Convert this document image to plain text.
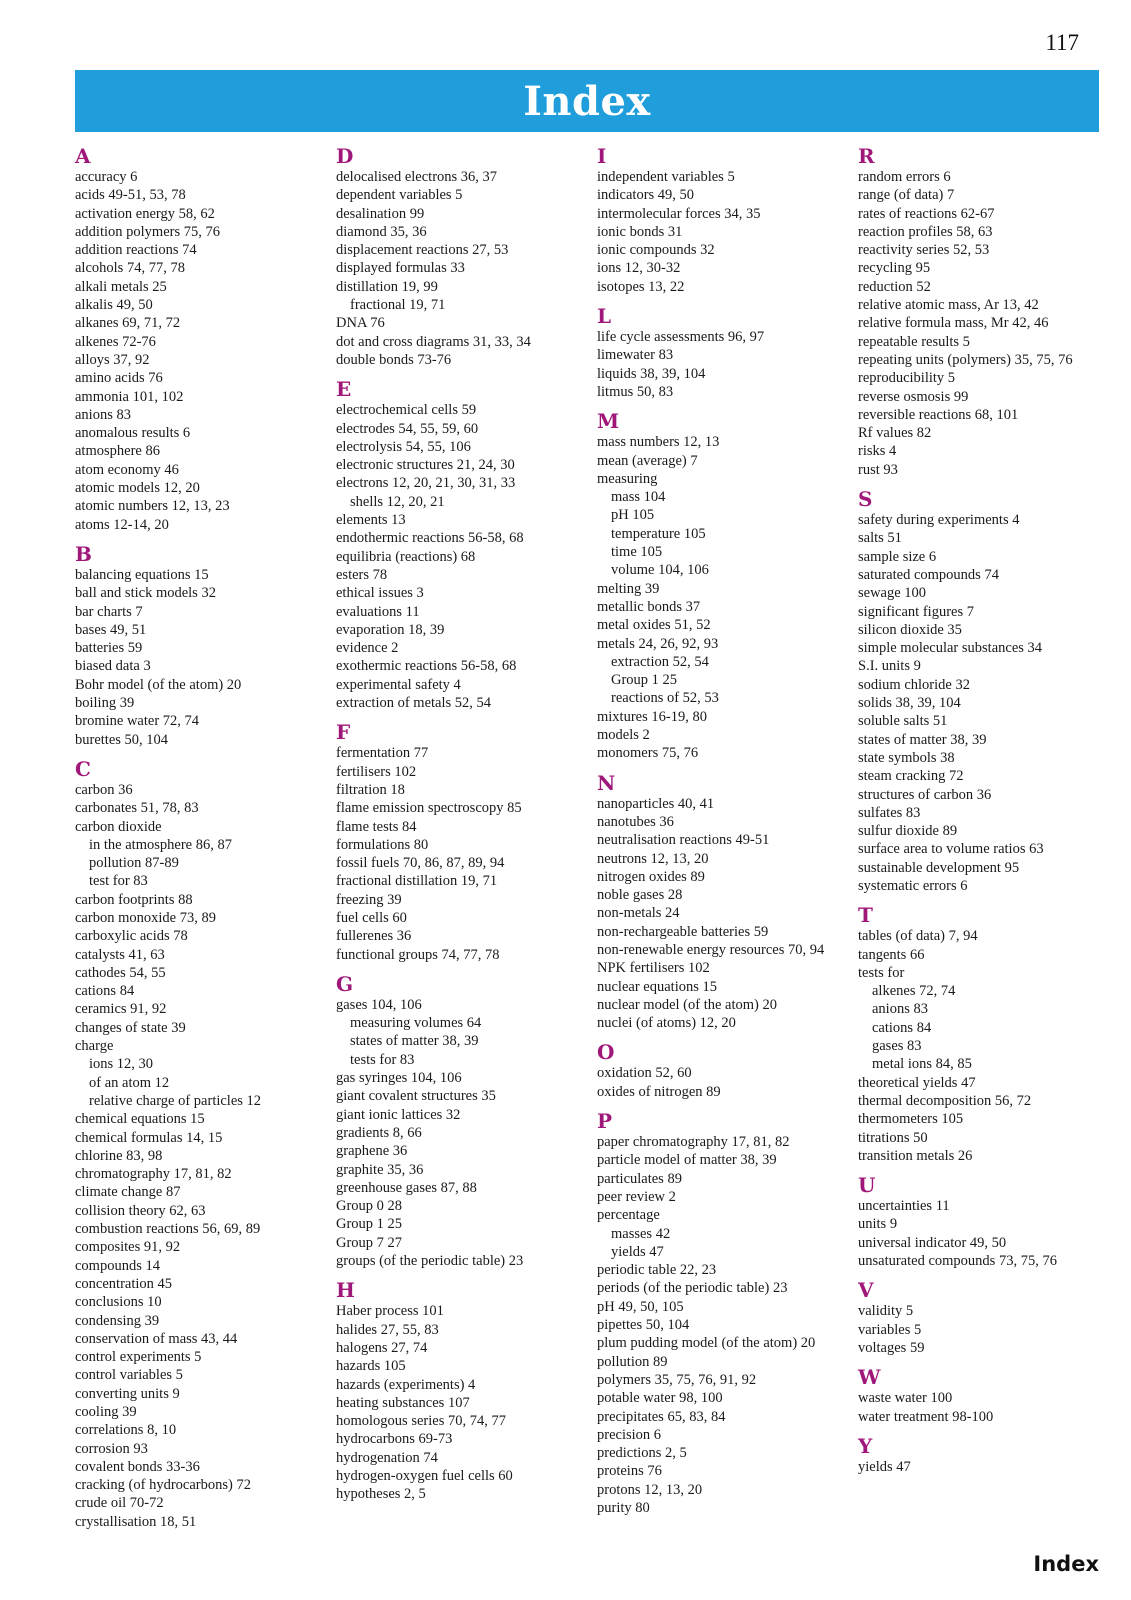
117
Index
A
accuracy 6
acids 49-51, 53, 78
activation energy 58, 62
addition polymers 75, 76
addition reactions 74
alcohols 74, 77, 78
alkali metals 25
alkalis 49, 50
alkanes 69, 71, 72
alkenes 72-76
alloys 37, 92
amino acids 76
ammonia 101, 102
anions 83
anomalous results 6
atmosphere 86
atom economy 46
atomic models 12, 20
atomic numbers 12, 13, 23
atoms 12-14, 20
B
balancing equations 15
ball and stick models 32
bar charts 7
bases 49, 51
batteries 59
biased data 3
Bohr model (of the atom) 20
boiling 39
bromine water 72, 74
burettes 50, 104
C
carbon 36
carbonates 51, 78, 83
carbon dioxide
in the atmosphere 86, 87
pollution 87-89
test for 83
carbon footprints 88
carbon monoxide 73, 89
carboxylic acids 78
catalysts 41, 63
cathodes 54, 55
cations 84
ceramics 91, 92
changes of state 39
charge
ions 12, 30
of an atom 12
relative charge of particles 12
chemical equations 15
chemical formulas 14, 15
chlorine 83, 98
chromatography 17, 81, 82
climate change 87
collision theory 62, 63
combustion reactions 56, 69, 89
composites 91, 92
compounds 14
concentration 45
conclusions 10
condensing 39
conservation of mass 43, 44
control experiments 5
control variables 5
converting units 9
cooling 39
correlations 8, 10
corrosion 93
covalent bonds 33-36
cracking (of hydrocarbons) 72
crude oil 70-72
crystallisation 18, 51
D
delocalised electrons 36, 37
dependent variables 5
desalination 99
diamond 35, 36
displacement reactions 27, 53
displayed formulas 33
distillation 19, 99
fractional 19, 71
DNA 76
dot and cross diagrams 31, 33, 34
double bonds 73-76
E
electrochemical cells 59
electrodes 54, 55, 59, 60
electrolysis 54, 55, 106
electronic structures 21, 24, 30
electrons 12, 20, 21, 30, 31, 33
shells 12, 20, 21
elements 13
endothermic reactions 56-58, 68
equilibria (reactions) 68
esters 78
ethical issues 3
evaluations 11
evaporation 18, 39
evidence 2
exothermic reactions 56-58, 68
experimental safety 4
extraction of metals 52, 54
F
fermentation 77
fertilisers 102
filtration 18
flame emission spectroscopy 85
flame tests 84
formulations 80
fossil fuels 70, 86, 87, 89, 94
fractional distillation 19, 71
freezing 39
fuel cells 60
fullerenes 36
functional groups 74, 77, 78
G
gases 104, 106
measuring volumes 64
states of matter 38, 39
tests for 83
gas syringes 104, 106
giant covalent structures 35
giant ionic lattices 32
gradients 8, 66
graphene 36
graphite 35, 36
greenhouse gases 87, 88
Group 0 28
Group 1 25
Group 7 27
groups (of the periodic table) 23
H
Haber process 101
halides 27, 55, 83
halogens 27, 74
hazards 105
hazards (experiments) 4
heating substances 107
homologous series 70, 74, 77
hydrocarbons 69-73
hydrogenation 74
hydrogen-oxygen fuel cells 60
hypotheses 2, 5
I
independent variables 5
indicators 49, 50
intermolecular forces 34, 35
ionic bonds 31
ionic compounds 32
ions 12, 30-32
isotopes 13, 22
L
life cycle assessments 96, 97
limewater 83
liquids 38, 39, 104
litmus 50, 83
M
mass numbers 12, 13
mean (average) 7
measuring
mass 104
pH 105
temperature 105
time 105
volume 104, 106
melting 39
metallic bonds 37
metal oxides 51, 52
metals 24, 26, 92, 93
extraction 52, 54
Group 1 25
reactions of 52, 53
mixtures 16-19, 80
models 2
monomers 75, 76
N
nanoparticles 40, 41
nanotubes 36
neutralisation reactions 49-51
neutrons 12, 13, 20
nitrogen oxides 89
noble gases 28
non-metals 24
non-rechargeable batteries 59
non-renewable energy resources 70, 94
NPK fertilisers 102
nuclear equations 15
nuclear model (of the atom) 20
nuclei (of atoms) 12, 20
O
oxidation 52, 60
oxides of nitrogen 89
P
paper chromatography 17, 81, 82
particle model of matter 38, 39
particulates 89
peer review 2
percentage
masses 42
yields 47
periodic table 22, 23
periods (of the periodic table) 23
pH 49, 50, 105
pipettes 50, 104
plum pudding model (of the atom) 20
pollution 89
polymers 35, 75, 76, 91, 92
potable water 98, 100
precipitates 65, 83, 84
precision 6
predictions 2, 5
proteins 76
protons 12, 13, 20
purity 80
R
random errors 6
range (of data) 7
rates of reactions 62-67
reaction profiles 58, 63
reactivity series 52, 53
recycling 95
reduction 52
relative atomic mass, Ar 13, 42
relative formula mass, Mr 42, 46
repeatable results 5
repeating units (polymers) 35, 75, 76
reproducibility 5
reverse osmosis 99
reversible reactions 68, 101
Rf values 82
risks 4
rust 93
S
safety during experiments 4
salts 51
sample size 6
saturated compounds 74
sewage 100
significant figures 7
silicon dioxide 35
simple molecular substances 34
S.I. units 9
sodium chloride 32
solids 38, 39, 104
soluble salts 51
states of matter 38, 39
state symbols 38
steam cracking 72
structures of carbon 36
sulfates 83
sulfur dioxide 89
surface area to volume ratios 63
sustainable development 95
systematic errors 6
T
tables (of data) 7, 94
tangents 66
tests for
alkenes 72, 74
anions 83
cations 84
gases 83
metal ions 84, 85
theoretical yields 47
thermal decomposition 56, 72
thermometers 105
titrations 50
transition metals 26
U
uncertainties 11
units 9
universal indicator 49, 50
unsaturated compounds 73, 75, 76
V
validity 5
variables 5
voltages 59
W
waste water 100
water treatment 98-100
Y
yields 47
Index
